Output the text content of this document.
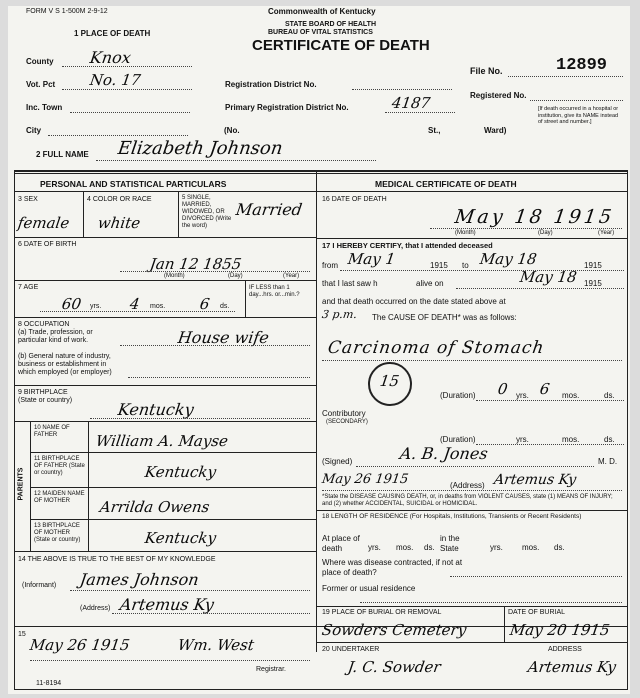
FORM V S 1-500M 2-9-12	Commonwealth of Kentucky
STATE BOARD OF HEALTH
BUREAU OF VITAL STATISTICS
CERTIFICATE OF DEATH
1 PLACE OF DEATH
County Knox
Vot. Pct No. 17
Inc. Town
City	(No.	St.,	Ward)
Registration District No.
Primary Registration District No.	4187
File No.	12899
Registered No.
[If death occurred in a hospital or institution, give its NAME instead of street and number.]
2 FULL NAME Elizabeth Johnson
PERSONAL AND STATISTICAL PARTICULARS	MEDICAL CERTIFICATE OF DEATH
3 SEX
female
4 COLOR OR RACE
white
5 SINGLE, MARRIED, WIDOWED, OR DIVORCED (Write the word)
Married
6 DATE OF BIRTH
Jan 12 1855
(Month)	(Day)	(Year)
7 AGE
60 yrs. 4 mos. 6 ds.
IF LESS than 1 day...hrs. or...min.?
8 OCCUPATION
(a) Trade, profession, or particular kind of work.
(b) General nature of industry, business or establishment in which employed (or employer)
House wife
9 BIRTHPLACE (State or country)	Kentucky
PARENTS
10 NAME OF FATHER	William A. Mayse
11 BIRTHPLACE OF FATHER (State or country)	Kentucky
12 MAIDEN NAME OF MOTHER	Arrilda Owens
13 BIRTHPLACE OF MOTHER (State or country)	Kentucky
14 THE ABOVE IS TRUE TO THE BEST OF MY KNOWLEDGE
(Informant) James Johnson
(Address) Artemus Ky
15
May 26 1915	Wm. West
Registrar.
11-8194
16 DATE OF DEATH
May 18 1915
(Month)	(Day)	(Year)
17 I HEREBY CERTIFY, that I attended deceased
from May 1	1915 to May 18	1915
that I last saw h	alive on	May 18 1915
and that death occurred on the date stated above at
3 p.m. The CAUSE OF DEATH* was as follows:
Carcinoma of Stomach
15
(Duration) 0 yrs. 6 mos.	ds.
Contributory
(SECONDARY)
(Duration)	yrs.	mos.	ds.
(Signed)	A. B. Jones	M. D.
May 26 1915	(Address) Artemus Ky
*State the DISEASE CAUSING DEATH, or, in deaths from VIOLENT CAUSES, state (1) MEANS OF INJURY; and (2) whether ACCIDENTAL, SUICIDAL or HOMICIDAL.
18 LENGTH OF RESIDENCE (For Hospitals, Institutions, Transients or Recent Residents)
At place of death	yrs. mos. ds.
in the State	yrs. mos. ds.
Where was disease contracted, if not at place of death?
Former or usual residence
19 PLACE OF BURIAL OR REMOVAL
Sowders Cemetery
DATE OF BURIAL
May 20 1915
20 UNDERTAKER	ADDRESS
J. C. Sowder	Artemus Ky
